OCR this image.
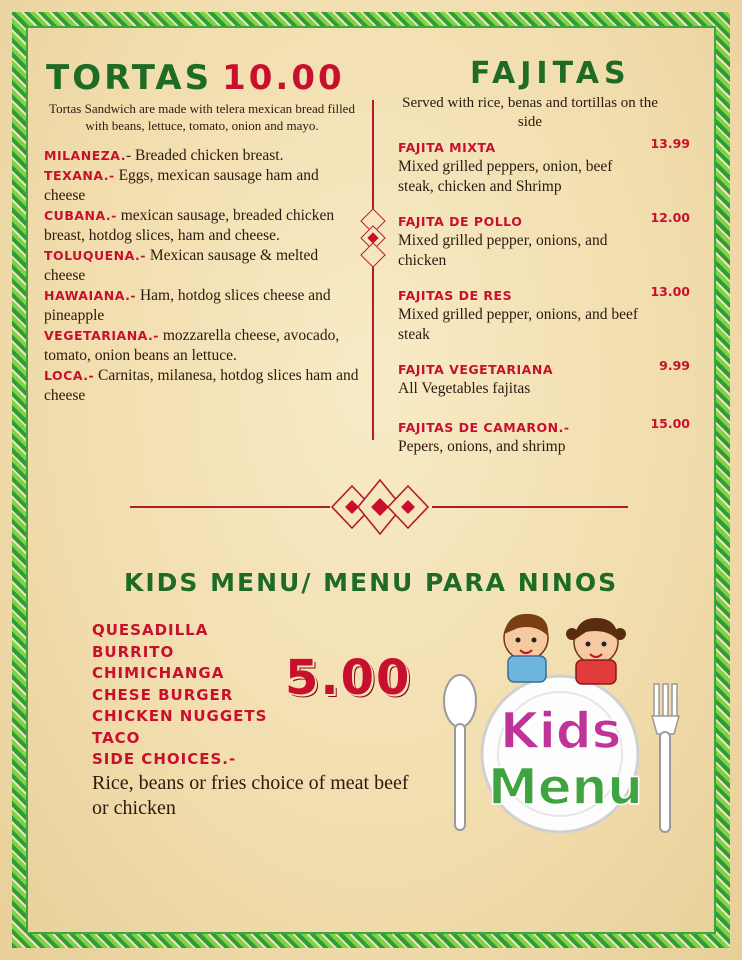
TORTAS 10.00
Tortas Sandwich are made with telera mexican bread filled with beans, lettuce, tomato, onion and mayo.

MILANEZA.- Breaded chicken breast.

TEXANA.- Eggs, mexican sausage ham and cheese

CUBANA.- mexican sausage, breaded chicken breast, hotdog slices, ham and cheese.

TOLUQUENA.- Mexican sausage & melted cheese

HAWAIANA.- Ham, hotdog slices cheese and pineapple

VEGETARIANA.- mozzarella cheese, avocado, tomato, onion beans an lettuce.

LOCA.- Carnitas, milanesa, hotdog slices ham and cheese

FAJITAS
Served with rice, benas and tortillas on the side
FAJITA MIXTA	13.99
Mixed grilled peppers, onion, beef steak, chicken and Shrimp
FAJITA DE POLLO	12.00
Mixed grilled pepper, onions, and chicken
FAJITAS DE RES	13.00
Mixed grilled pepper, onions, and beef steak
FAJITA VEGETARIANA	9.99
All Vegetables fajitas
FAJITAS DE CAMARON.-	15.00
Pepers, onions, and shrimp
KIDS MENU/ MENU PARA NINOS
QUESADILLA
BURRITO
CHIMICHANGA
CHESE BURGER
CHICKEN NUGGETS
TACO
SIDE CHOICES.-
Rice, beans or fries choice of meat beef or chicken
5.00
Kids
Menu
